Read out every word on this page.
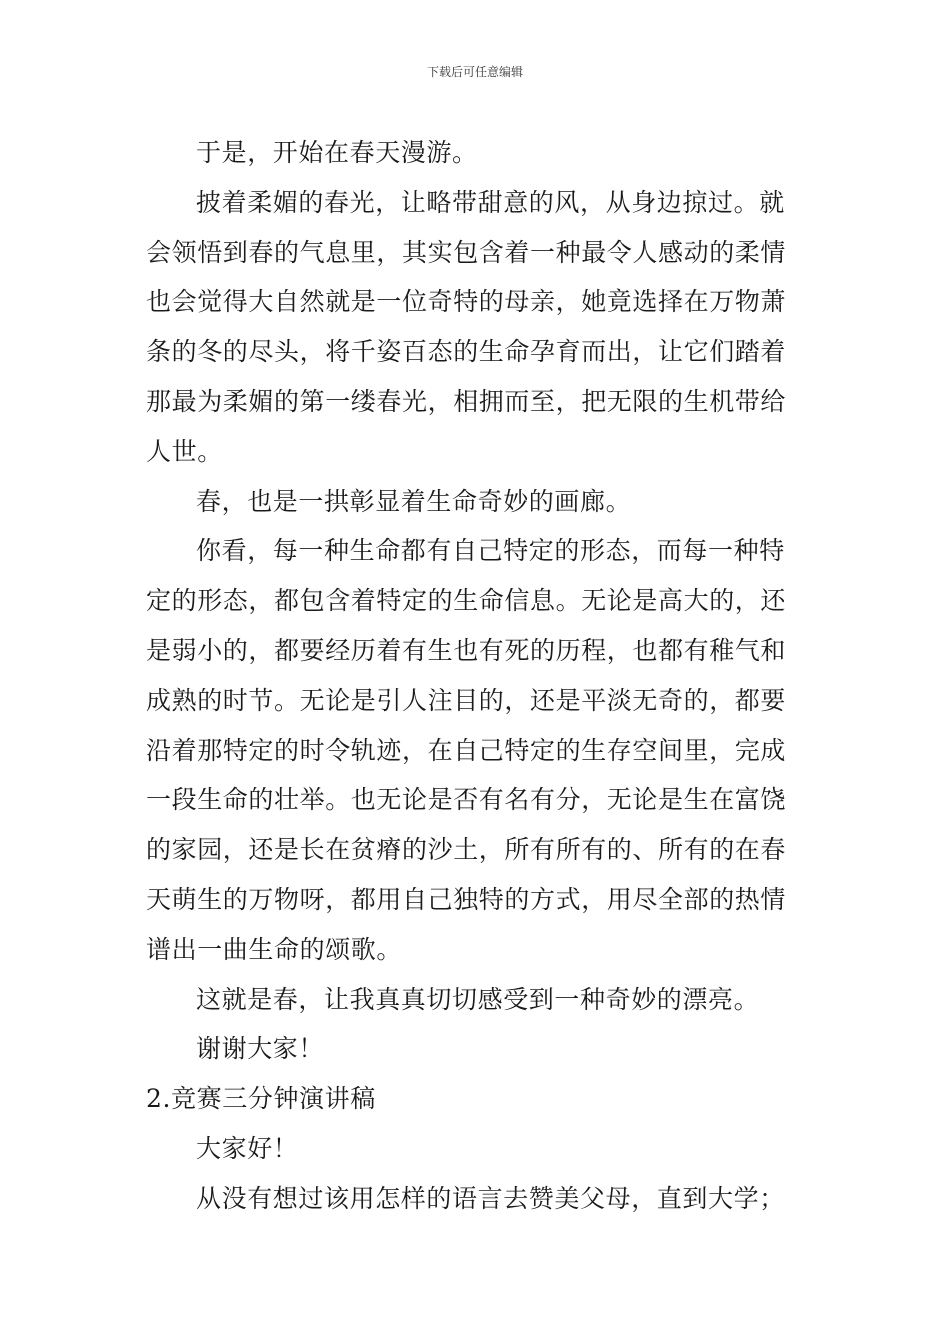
下载后可任意编辑

于是，开始在春天漫游。

披着柔媚的春光，让略带甜意的风，从身边掠过。就会领悟到春的气息里，其实包含着一种最令人感动的柔情也会觉得大自然就是一位奇特的母亲，她竟选择在万物萧条的冬的尽头，将千姿百态的生命孕育而出，让它们踏着那最为柔媚的第一缕春光，相拥而至，把无限的生机带给人世。

春，也是一拱彰显着生命奇妙的画廊。

你看，每一种生命都有自己特定的形态，而每一种特定的形态，都包含着特定的生命信息。无论是高大的，还是弱小的，都要经历着有生也有死的历程，也都有稚气和成熟的时节。无论是引人注目的，还是平淡无奇的，都要沿着那特定的时令轨迹，在自己特定的生存空间里，完成一段生命的壮举。也无论是否有名有分，无论是生在富饶的家园，还是长在贫瘠的沙土，所有所有的、所有的在春天萌生的万物呀，都用自己独特的方式，用尽全部的热情谱出一曲生命的颂歌。

这就是春，让我真真切切感受到一种奇妙的漂亮。

谢谢大家！

2.竞赛三分钟演讲稿

大家好！

从没有想过该用怎样的语言去赞美父母，直到大学；
